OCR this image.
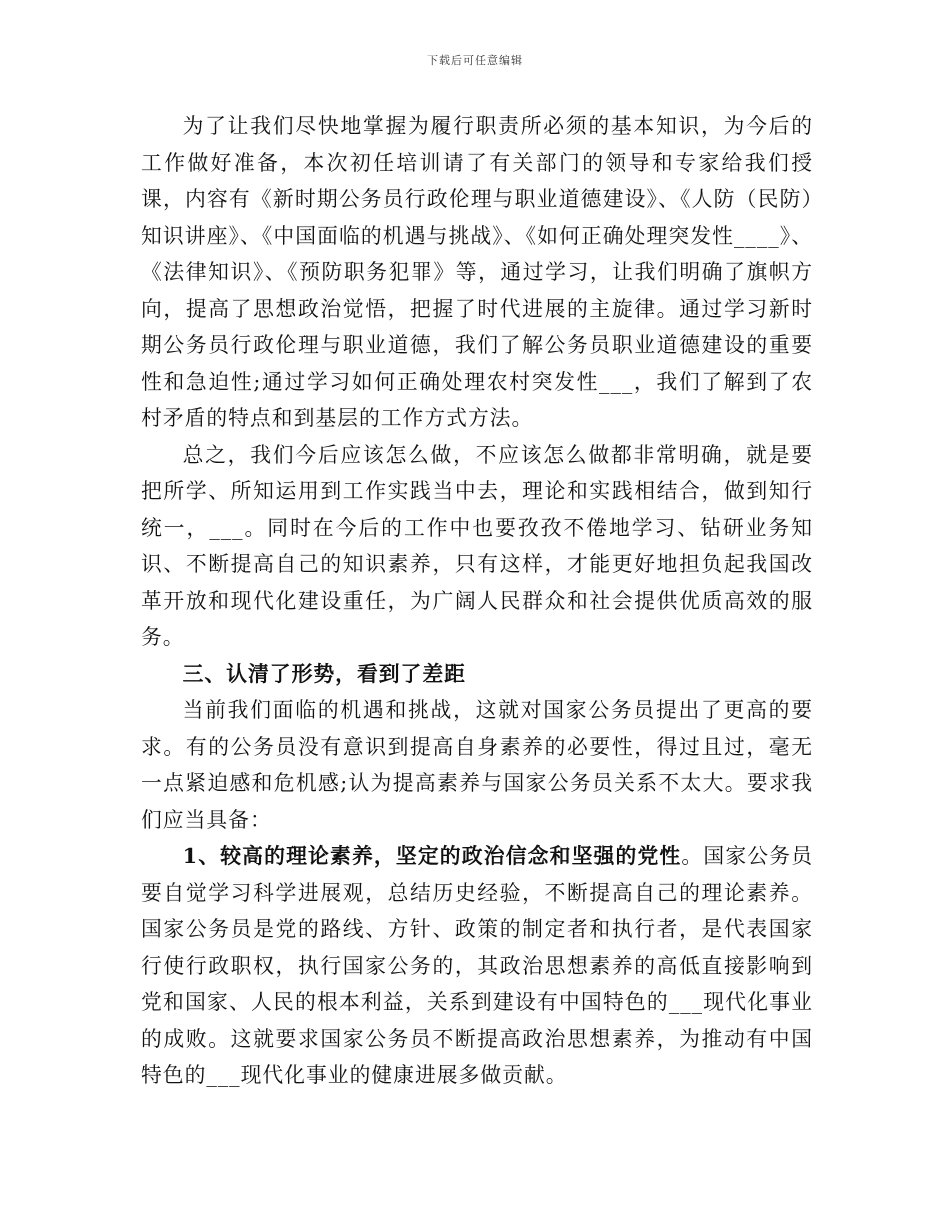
下载后可任意编辑

为了让我们尽快地掌握为履行职责所必须的基本知识，为今后的工作做好准备，本次初任培训请了有关部门的领导和专家给我们授课，内容有《新时期公务员行政伦理与职业道德建设》、《人防（民防）知识讲座》、《中国面临的机遇与挑战》、《如何正确处理突发性____》、《法律知识》、《预防职务犯罪》等，通过学习，让我们明确了旗帜方向，提高了思想政治觉悟，把握了时代进展的主旋律。通过学习新时期公务员行政伦理与职业道德，我们了解公务员职业道德建设的重要性和急迫性;通过学习如何正确处理农村突发性___，我们了解到了农村矛盾的特点和到基层的工作方式方法。

总之，我们今后应该怎么做，不应该怎么做都非常明确，就是要把所学、所知运用到工作实践当中去，理论和实践相结合，做到知行统一，___。同时在今后的工作中也要孜孜不倦地学习、钻研业务知识、不断提高自己的知识素养，只有这样，才能更好地担负起我国改革开放和现代化建设重任，为广阔人民群众和社会提供优质高效的服务。

三、认清了形势，看到了差距

当前我们面临的机遇和挑战，这就对国家公务员提出了更高的要求。有的公务员没有意识到提高自身素养的必要性，得过且过，毫无一点紧迫感和危机感;认为提高素养与国家公务员关系不太大。要求我们应当具备：

1、较高的理论素养，坚定的政治信念和坚强的党性。国家公务员要自觉学习科学进展观，总结历史经验，不断提高自己的理论素养。国家公务员是党的路线、方针、政策的制定者和执行者，是代表国家行使行政职权，执行国家公务的，其政治思想素养的高低直接影响到党和国家、人民的根本利益，关系到建设有中国特色的___现代化事业的成败。这就要求国家公务员不断提高政治思想素养，为推动有中国特色的___现代化事业的健康进展多做贡献。
